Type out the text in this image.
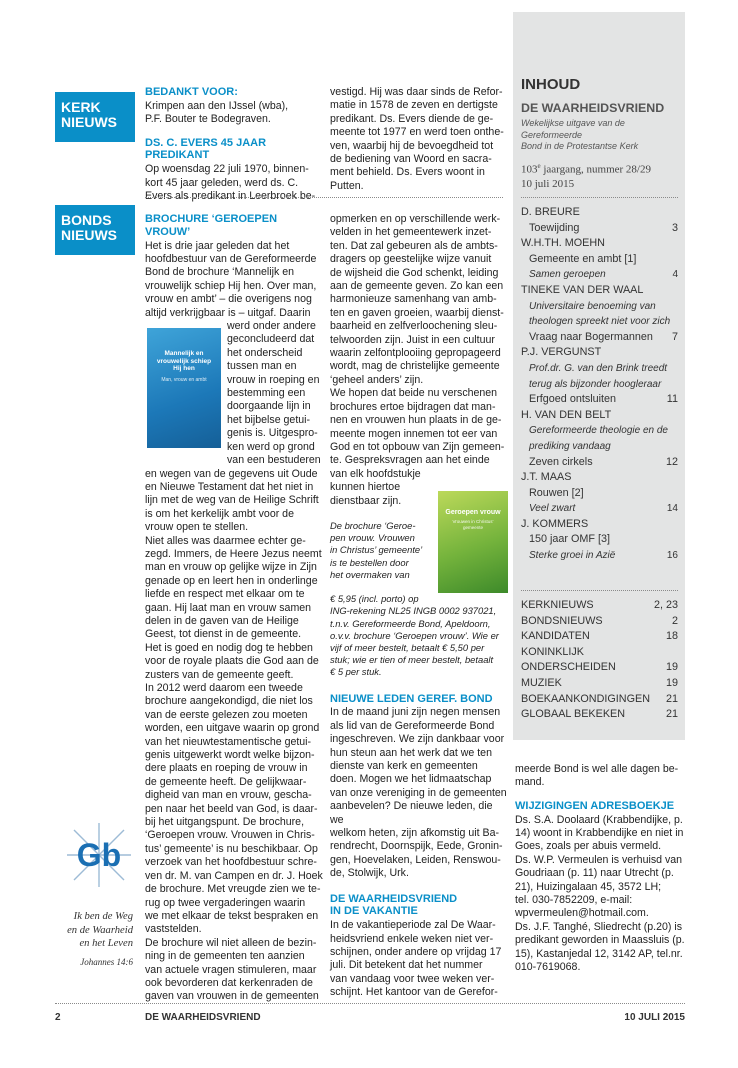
KERK NIEUWS
BONDS NIEUWS
BEDANKT VOOR:

Krimpen aan den IJssel (wba),

P.F. Bouter te Bodegraven.

DS. C. EVERS 45 JAAR PREDIKANT

Op woensdag 22 juli 1970, binnen-

kort 45 jaar geleden, werd ds. C.

Evers als predikant in Leerbroek be-

vestigd. Hij was daar sinds de Refor-

matie in 1578 de zeven en dertigste

predikant. Ds. Evers diende de ge-

meente tot 1977 en werd toen onthe-

ven, waarbij hij de bevoegdheid tot

de bediening van Woord en sacra-

ment behield. Ds. Evers woont in

Putten.

BROCHURE ‘GEROEPEN VROUW’

Het is drie jaar geleden dat het

hoofdbestuur van de Gereformeerde

Bond de brochure ‘Mannelijk en

vrouwelijk schiep Hij hen. Over man,

vrouw en ambt’ – die overigens nog

altijd verkrijgbaar is – uitgaf. Daarin

Mannelijk en vrouwelijk schiep Hij hen
Man, vrouw en ambt

werd onder andere

geconcludeerd dat

het onderscheid

tussen man en

vrouw in roeping en

bestemming een

doorgaande lijn in

het bijbelse getui-

genis is. Uitgespro-

ken werd op grond

van een bestuderen

en wegen van de gegevens uit Oude

en Nieuwe Testament dat het niet in

lijn met de weg van de Heilige Schrift

is om het kerkelijk ambt voor de

vrouw open te stellen.

Niet alles was daarmee echter ge-

zegd. Immers, de Heere Jezus neemt

man en vrouw op gelijke wijze in Zijn

genade op en leert hen in onderlinge

liefde en respect met elkaar om te

gaan. Hij laat man en vrouw samen

delen in de gaven van de Heilige

Geest, tot dienst in de gemeente.

Het is goed en nodig dog te hebben

voor de royale plaats die God aan de

zusters van de gemeente geeft.

In 2012 werd daarom een tweede

brochure aangekondigd, die niet los

van de eerste gelezen zou moeten

worden, een uitgave waarin op grond

van het nieuwtestamentische getui-

genis uitgewerkt wordt welke bijzon-

dere plaats en roeping de vrouw in

de gemeente heeft. De gelijkwaar-

digheid van man en vrouw, gescha-

pen naar het beeld van God, is daar-

bij het uitgangspunt. De brochure,

‘Geroepen vrouw. Vrouwen in Chris-

tus’ gemeente’ is nu beschikbaar. Op

verzoek van het hoofdbestuur schre-

ven dr. M. van Campen en dr. J. Hoek

de brochure. Met vreugde zien we te-

rug op twee vergaderingen waarin

we met elkaar de tekst bespraken en

vaststelden.

De brochure wil niet alleen de bezin-

ning in de gemeenten ten aanzien

van actuele vragen stimuleren, maar

ook bevorderen dat kerkenraden de

gaven van vrouwen in de gemeenten

opmerken en op verschillende werk-

velden in het gemeentewerk inzet-

ten. Dat zal gebeuren als de ambts-

dragers op geestelijke wijze vanuit

de wijsheid die God schenkt, leiding

aan de gemeente geven. Zo kan een

harmonieuze samenhang van amb-

ten en gaven groeien, waarbij dienst-

baarheid en zelfverloochening sleu-

telwoorden zijn. Juist in een cultuur

waarin zelfontplooiing gepropageerd

wordt, mag de christelijke gemeente

‘geheel anders’ zijn.

We hopen dat beide nu verschenen

brochures ertoe bijdragen dat man-

nen en vrouwen hun plaats in de ge-

meente mogen innemen tot eer van

God en tot opbouw van Zijn gemeen-

te. Gespreksvragen aan het einde

van elk hoofdstukje

kunnen hiertoe

dienstbaar zijn.

De brochure ‘Geroe-

pen vrouw. Vrouwen

in Christus’ gemeente’

is te bestellen door

het overmaken van

Geroepen vrouw
Vrouwen in Christus’ gemeente

€ 5,95 (incl. porto) op

ING-rekening NL25 INGB 0002 937021,

t.n.v. Gereformeerde Bond, Apeldoorn,

o.v.v. brochure ‘Geroepen vrouw’. Wie er

vijf of meer bestelt, betaalt € 5,50 per

stuk; wie er tien of meer bestelt, betaalt

€ 5 per stuk.

NIEUWE LEDEN GEREF. BOND

In de maand juni zijn negen mensen

als lid van de Gereformeerde Bond

ingeschreven. We zijn dankbaar voor

hun steun aan het werk dat we ten

dienste van kerk en gemeenten

doen. Mogen we het lidmaatschap

van onze vereniging in de gemeenten

aanbevelen? De nieuwe leden, die we

welkom heten, zijn afkomstig uit Ba-

rendrecht, Doornspijk, Eede, Gronin-

gen, Hoevelaken, Leiden, Renswou-

de, Stolwijk, Urk.

DE WAARHEIDSVRIEND
IN DE VAKANTIE

In de vakantieperiode zal De Waar-

heidsvriend enkele weken niet ver-

schijnen, onder andere op vrijdag 17

juli. Dit betekent dat het nummer

van vandaag voor twee weken ver-

schijnt. Het kantoor van de Gerefor-

meerde Bond is wel alle dagen be-

mand.

WIJZIGINGEN ADRESBOEKJE

Ds. S.A. Doolaard (Krabbendijke, p.

14) woont in Krabbendijke en niet in

Goes, zoals per abuis vermeld.

Ds. W.P. Vermeulen is verhuisd van

Goudriaan (p. 11) naar Utrecht (p.

21), Huizingalaan 45, 3572 LH;

tel. 030-7852209, e-mail:

wpvermeulen@hotmail.com.

Ds. J.F. Tanghé, Sliedrecht (p.20) is

predikant geworden in Maassluis (p.

15), Kastanjedal 12, 3142 AP, tel.nr.

010-7619068.

Gb

Ik ben de Weg

en de Waarheid

en het Leven

Johannes 14:6

INHOUD
DE WAARHEIDSVRIEND

Wekelijkse uitgave van de Gereformeerde

Bond in de Protestantse Kerk

103e jaargang, nummer 28/29

10 juli 2015

D. BREURE
Toewijding	3
W.H.TH. MOEHN
Gemeente en ambt [1]
Samen geroepen	4
TINEKE VAN DER WAAL
Universitaire benoeming van
theologen spreekt niet voor zich
Vraag naar Bogermannen 7
P.J. VERGUNST
Prof.dr. G. van den Brink treedt
terug als bijzonder hoogleraar
Erfgoed ontsluiten	11
H. VAN DEN BELT
Gereformeerde theologie en de
prediking vandaag
Zeven cirkels	12
J.T. MAAS
Rouwen [2]
Veel zwart	14
J. KOMMERS
150 jaar OMF [3]
Sterke groei in Azië	16
KERKNIEUWS	2, 23
BONDSNIEUWS	2
KANDIDATEN	18
KONINKLIJK
ONDERSCHEIDEN	19
MUZIEK	19
BOEKAANKONDIGINGEN 21
GLOBAAL BEKEKEN	21
2	DE WAARHEIDSVRIEND	10 JULI 2015
